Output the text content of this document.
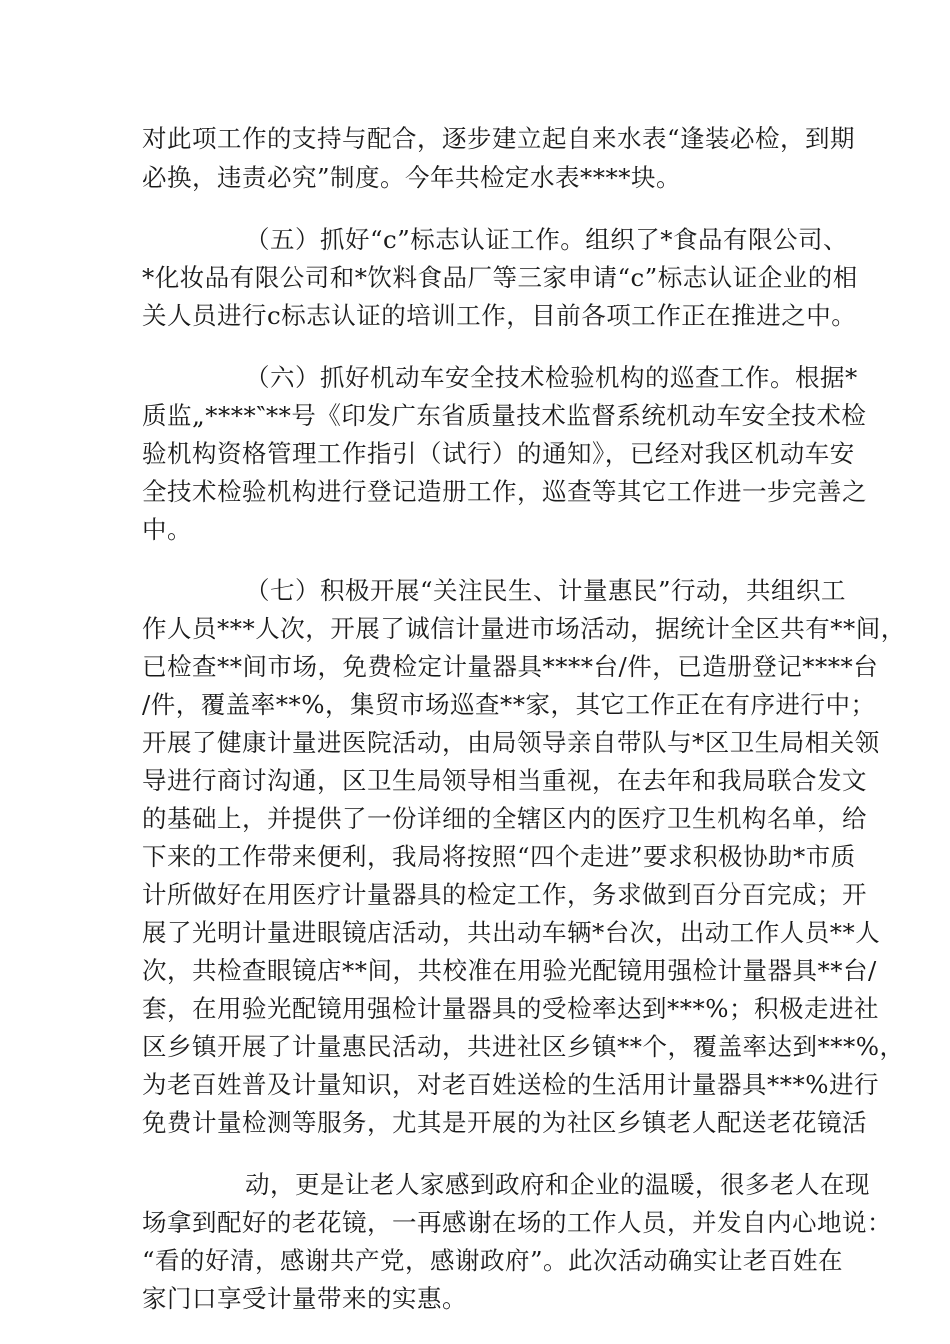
对此项工作的支持与配合，逐步建立起自来水表“逢装必检，到期
必换，违责必究”制度。今年共检定水表****块。
（五）抓好“c”标志认证工作。组织了*食品有限公司、
*化妆品有限公司和*饮料食品厂等三家申请“c”标志认证企业的相
关人员进行c标志认证的培训工作，目前各项工作正在推进之中。
（六）抓好机动车安全技术检验机构的巡查工作。根据*
质监„****‶**号《印发广东省质量技术监督系统机动车安全技术检
验机构资格管理工作指引（试行）的通知》，已经对我区机动车安
全技术检验机构进行登记造册工作，巡查等其它工作进一步完善之
中。
（七）积极开展“关注民生、计量惠民”行动，共组织工
作人员***人次，开展了诚信计量进市场活动，据统计全区共有**间，
已检查**间市场，免费检定计量器具****台/件，已造册登记****台
/件，覆盖率**%，集贸市场巡查**家，其它工作正在有序进行中；
开展了健康计量进医院活动，由局领导亲自带队与*区卫生局相关领
导进行商讨沟通，区卫生局领导相当重视，在去年和我局联合发文
的基础上，并提供了一份详细的全辖区内的医疗卫生机构名单，给
下来的工作带来便利，我局将按照“四个走进”要求积极协助*市质
计所做好在用医疗计量器具的检定工作，务求做到百分百完成；开
展了光明计量进眼镜店活动，共出动车辆*台次，出动工作人员**人
次，共检查眼镜店**间，共校准在用验光配镜用强检计量器具**台/
套，在用验光配镜用强检计量器具的受检率达到***%；积极走进社
区乡镇开展了计量惠民活动，共进社区乡镇**个，覆盖率达到***%，
为老百姓普及计量知识，对老百姓送检的生活用计量器具***%进行
免费计量检测等服务，尤其是开展的为社区乡镇老人配送老花镜活
动，更是让老人家感到政府和企业的温暖，很多老人在现
场拿到配好的老花镜，一再感谢在场的工作人员，并发自内心地说：
“看的好清，感谢共产党，感谢政府”。此次活动确实让老百姓在
家门口享受计量带来的实惠。
